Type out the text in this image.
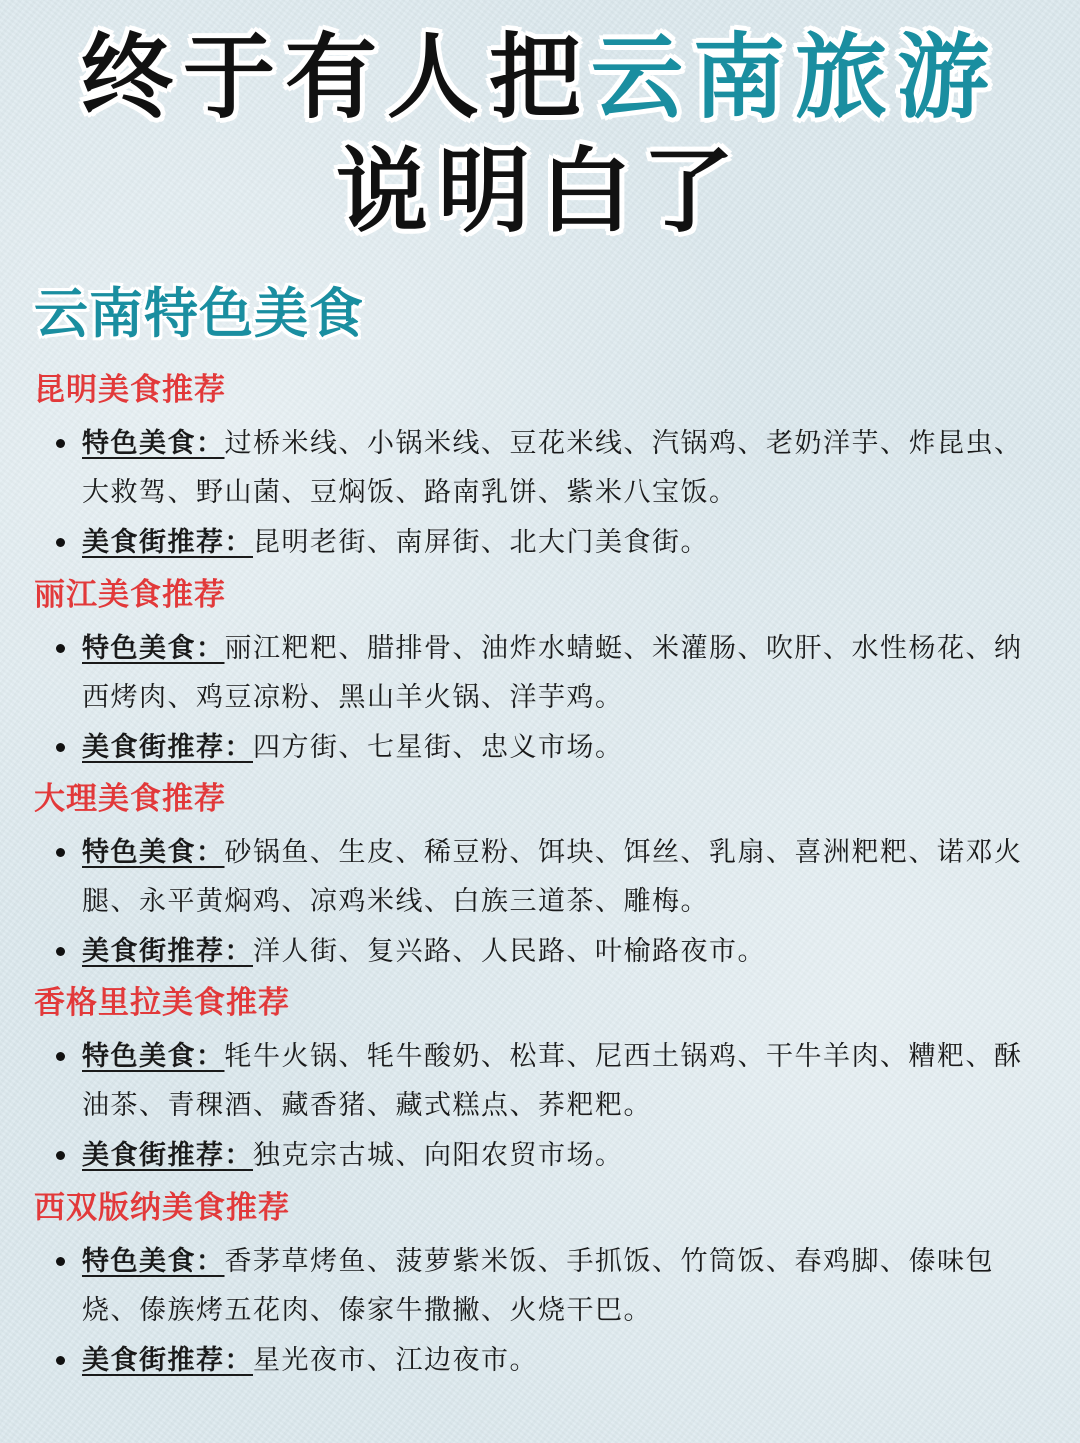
终于有人把云南旅游
说明白了
云南特色美食
昆明美食推荐
特色美食：过桥米线、小锅米线、豆花米线、汽锅鸡、老奶洋芋、炸昆虫、大救驾、野山菌、豆焖饭、路南乳饼、紫米八宝饭。
美食街推荐：昆明老街、南屏街、北大门美食街。
丽江美食推荐
特色美食：丽江粑粑、腊排骨、油炸水蜻蜓、米灌肠、吹肝、水性杨花、纳西烤肉、鸡豆凉粉、黑山羊火锅、洋芋鸡。
美食街推荐：四方街、七星街、忠义市场。
大理美食推荐
特色美食：砂锅鱼、生皮、稀豆粉、饵块、饵丝、乳扇、喜洲粑粑、诺邓火腿、永平黄焖鸡、凉鸡米线、白族三道茶、雕梅。
美食街推荐：洋人街、复兴路、人民路、叶榆路夜市。
香格里拉美食推荐
特色美食：牦牛火锅、牦牛酸奶、松茸、尼西土锅鸡、干牛羊肉、糟粑、酥油茶、青稞酒、藏香猪、藏式糕点、荞粑粑。
美食街推荐：独克宗古城、向阳农贸市场。
西双版纳美食推荐
特色美食：香茅草烤鱼、菠萝紫米饭、手抓饭、竹筒饭、春鸡脚、傣味包烧、傣族烤五花肉、傣家牛撒撇、火烧干巴。
美食街推荐：星光夜市、江边夜市。
